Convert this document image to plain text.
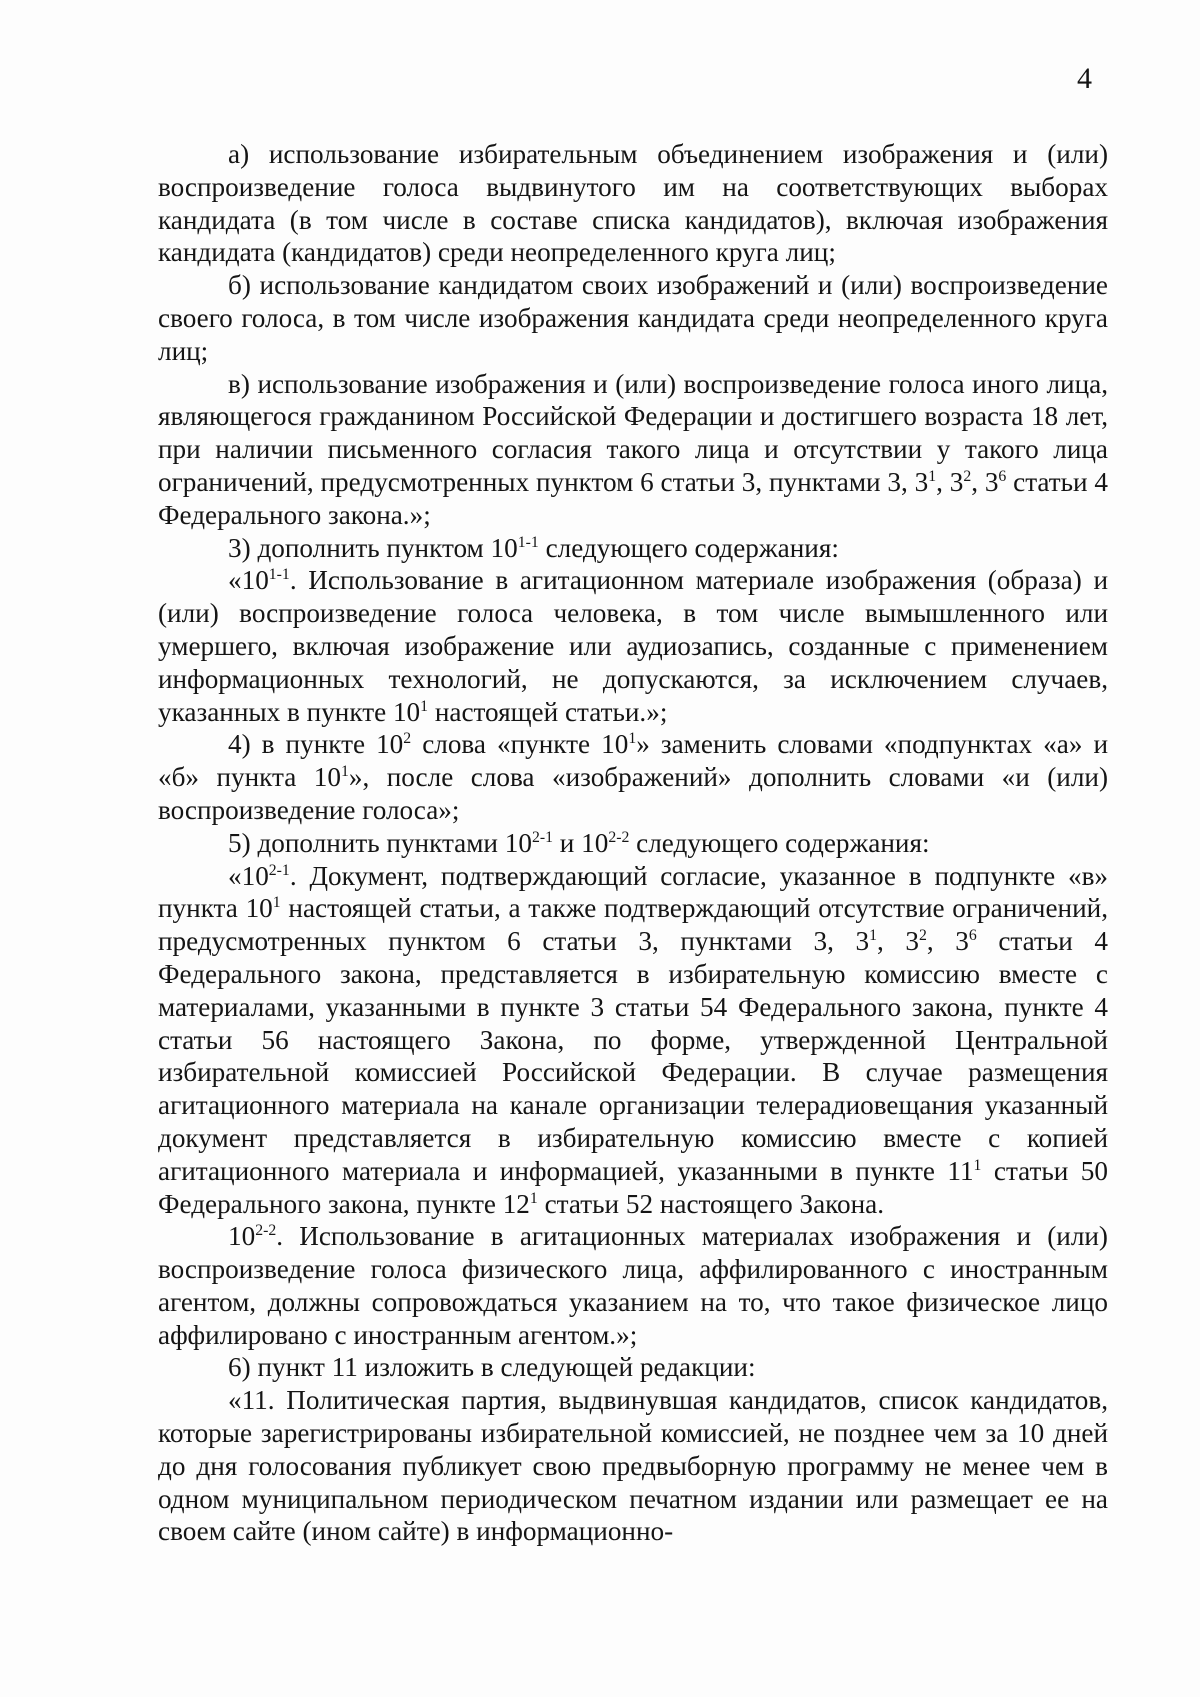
4

а) использование избирательным объединением изображения и (или) воспроизведение голоса выдвинутого им на соответствующих выборах кандидата (в том числе в составе списка кандидатов), включая изображения кандидата (кандидатов) среди неопределенного круга лиц;

б) использование кандидатом своих изображений и (или) воспроизведение своего голоса, в том числе изображения кандидата среди неопределенного круга лиц;

в) использование изображения и (или) воспроизведение голоса иного лица, являющегося гражданином Российской Федерации и достигшего возраста 18 лет, при наличии письменного согласия такого лица и отсутствии у такого лица ограничений, предусмотренных пунктом 6 статьи 3, пунктами 3, $3^1$, $3^2$, $3^6$ статьи 4 Федерального закона.»;

3) дополнить пунктом 10$^{1-1}$ следующего содержания:

«10$^{1-1}$. Использование в агитационном материале изображения (образа) и (или) воспроизведение голоса человека, в том числе вымышленного или умершего, включая изображение или аудиозапись, созданные с применением информационных технологий, не допускаются, за исключением случаев, указанных в пункте $10^1$ настоящей статьи.»;

4) в пункте $10^2$ слова «пункте $10^1$» заменить словами «подпунктах «а» и «б» пункта $10^1$», после слова «изображений» дополнить словами «и (или) воспроизведение голоса»;

5) дополнить пунктами 10$^{2-1}$ и 10$^{2-2}$ следующего содержания:

«10$^{2-1}$. Документ, подтверждающий согласие, указанное в подпункте «в» пункта $10^1$ настоящей статьи, а также подтверждающий отсутствие ограничений, предусмотренных пунктом 6 статьи 3, пунктами 3, $3^1$, $3^2$, $3^6$ статьи 4 Федерального закона, представляется в избирательную комиссию вместе с материалами, указанными в пункте 3 статьи 54 Федерального закона, пункте 4 статьи 56 настоящего Закона, по форме, утвержденной Центральной избирательной комиссией Российской Федерации. В случае размещения агитационного материала на канале организации телерадиовещания указанный документ представляется в избирательную комиссию вместе с копией агитационного материала и информацией, указанными в пункте $11^1$ статьи 50 Федерального закона, пункте $12^1$ статьи 52 настоящего Закона.

10$^{2-2}$. Использование в агитационных материалах изображения и (или) воспроизведение голоса физического лица, аффилированного с иностранным агентом, должны сопровождаться указанием на то, что такое физическое лицо аффилировано с иностранным агентом.»;

6) пункт 11 изложить в следующей редакции:

«11. Политическая партия, выдвинувшая кандидатов, список кандидатов, которые зарегистрированы избирательной комиссией, не позднее чем за 10 дней до дня голосования публикует свою предвыборную программу не менее чем в одном муниципальном периодическом печатном издании или размещает ее на своем сайте (ином сайте) в информационно-
